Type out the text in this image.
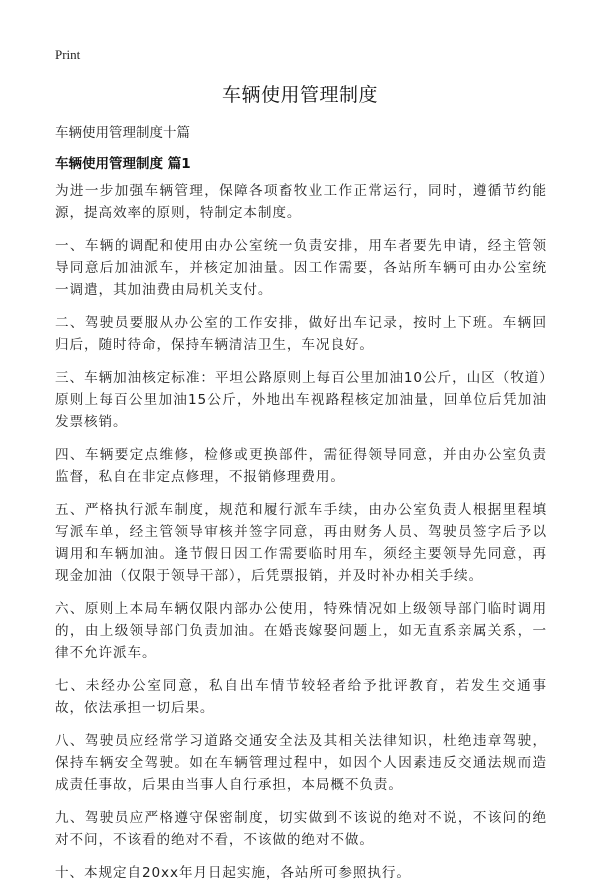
Print
车辆使用管理制度
车辆使用管理制度十篇
车辆使用管理制度 篇1

为进一步加强车辆管理，保障各项畜牧业工作正常运行，同时，遵循节约能源，提高效率的原则，特制定本制度。

一、车辆的调配和使用由办公室统一负责安排，用车者要先申请，经主管领导同意后加油派车，并核定加油量。因工作需要，各站所车辆可由办公室统一调遣，其加油费由局机关支付。

二、驾驶员要服从办公室的工作安排，做好出车记录，按时上下班。车辆回归后，随时待命，保持车辆清洁卫生，车况良好。

三、车辆加油核定标准：平坦公路原则上每百公里加油10公斤，山区（牧道）原则上每百公里加油15公斤，外地出车视路程核定加油量，回单位后凭加油发票核销。

四、车辆要定点维修，检修或更换部件，需征得领导同意，并由办公室负责监督，私自在非定点修理，不报销修理费用。

五、严格执行派车制度，规范和履行派车手续，由办公室负责人根据里程填写派车单，经主管领导审核并签字同意，再由财务人员、驾驶员签字后予以调用和车辆加油。逢节假日因工作需要临时用车，须经主要领导先同意，再现金加油（仅限于领导干部），后凭票报销，并及时补办相关手续。

六、原则上本局车辆仅限内部办公使用，特殊情况如上级领导部门临时调用的，由上级领导部门负责加油。在婚丧嫁娶问题上，如无直系亲属关系，一律不允许派车。

七、未经办公室同意，私自出车情节较轻者给予批评教育，若发生交通事故，依法承担一切后果。

八、驾驶员应经常学习道路交通安全法及其相关法律知识，杜绝违章驾驶，保持车辆安全驾驶。如在车辆管理过程中，如因个人因素违反交通法规而造成责任事故，后果由当事人自行承担，本局概不负责。

九、驾驶员应严格遵守保密制度，切实做到不该说的绝对不说，不该问的绝对不问，不该看的绝对不看，不该做的绝对不做。

十、本规定自20xx年月日起实施，各站所可参照执行。
